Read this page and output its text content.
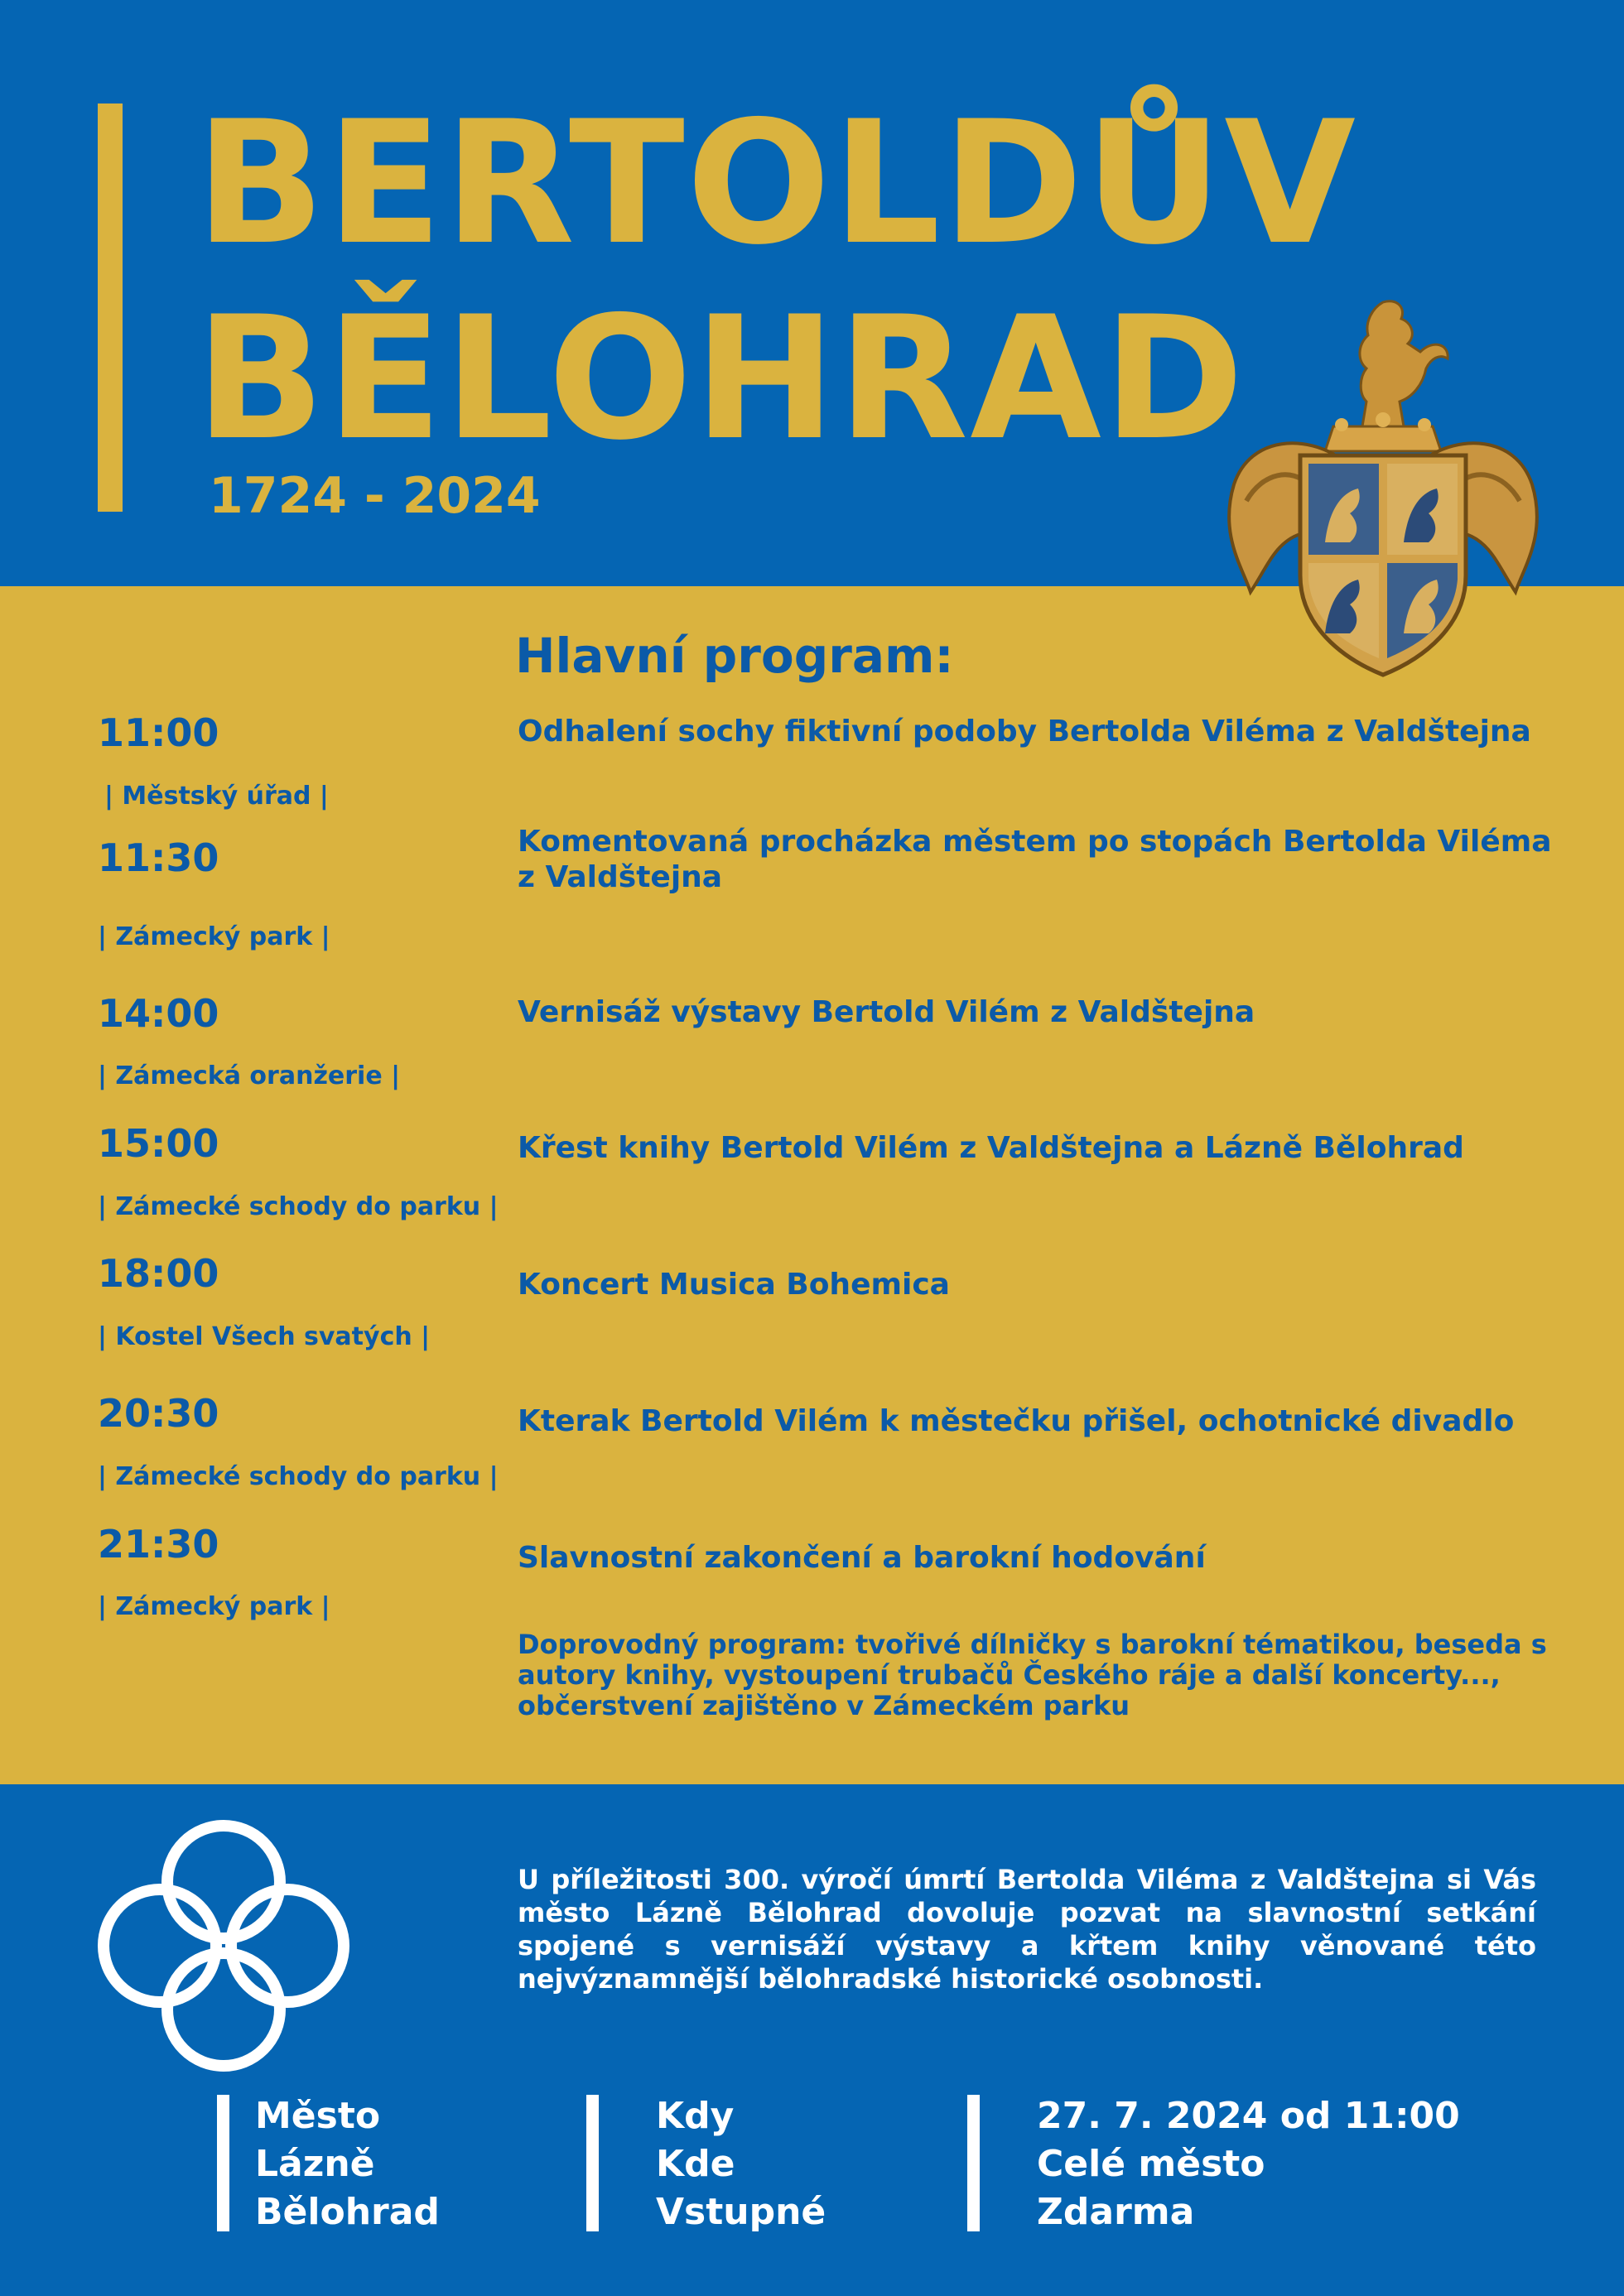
BERTOLDŮV
BĚLOHRAD
1724 - 2024
Hlavní program:
11:00
| Městský úřad |
Odhalení sochy fiktivní podoby Bertolda Viléma z Valdštejna
11:30
| Zámecký park |
Komentovaná procházka městem po stopách Bertolda Viléma z Valdštejna
14:00
| Zámecká oranžerie |
Vernisáž výstavy Bertold Vilém z Valdštejna
15:00
| Zámecké schody do parku |
Křest knihy Bertold Vilém z Valdštejna a Lázně Bělohrad
18:00
| Kostel Všech svatých |
Koncert Musica Bohemica
20:30
| Zámecké schody do parku |
Kterak Bertold Vilém k městečku přišel, ochotnické divadlo
21:30
| Zámecký park |
Slavnostní zakončení a barokní hodování
Doprovodný program: tvořivé dílničky s barokní tématikou, beseda s autory knihy, vystoupení trubačů Českého ráje a další koncerty..., občerstvení zajištěno v Zámeckém parku
U příležitosti 300. výročí úmrtí Bertolda Viléma z Valdštejna si Vás město Lázně Bělohrad dovoluje pozvat na slavnostní setkání spojené s vernisáží výstavy a křtem knihy věnované této nejvýznamnější bělohradské historické osobnosti.
Město
Lázně
Bělohrad
Kdy
Kde
Vstupné
27. 7. 2024 od 11:00
Celé město
Zdarma
